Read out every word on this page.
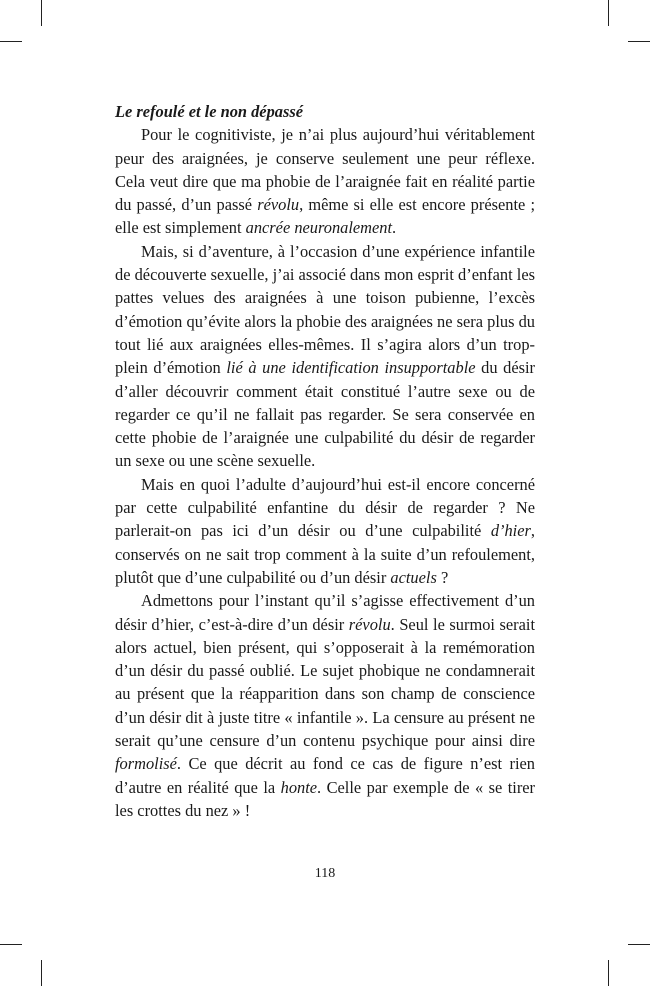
Le refoulé et le non dépassé

Pour le cognitiviste, je n’ai plus aujourd’hui véritablement peur des araignées, je conserve seulement une peur réflexe. Cela veut dire que ma phobie de l’araignée fait en réalité partie du passé, d’un passé révolu, même si elle est encore présente ; elle est simplement ancrée neuronalement.

Mais, si d’aventure, à l’occasion d’une expérience infantile de découverte sexuelle, j’ai associé dans mon esprit d’enfant les pattes velues des araignées à une toison pubienne, l’excès d’émotion qu’évite alors la phobie des araignées ne sera plus du tout lié aux araignées elles-mêmes. Il s’agira alors d’un trop-plein d’émotion lié à une identification insupportable du désir d’aller découvrir comment était constitué l’autre sexe ou de regarder ce qu’il ne fallait pas regarder. Se sera conservée en cette phobie de l’araignée une culpabilité du désir de regarder un sexe ou une scène sexuelle.

Mais en quoi l’adulte d’aujourd’hui est-il encore concerné par cette culpabilité enfantine du désir de regarder ? Ne parlerait-on pas ici d’un désir ou d’une culpabilité d’hier, conservés on ne sait trop comment à la suite d’un refoulement, plutôt que d’une culpabilité ou d’un désir actuels ?

Admettons pour l’instant qu’il s’agisse effectivement d’un désir d’hier, c’est-à-dire d’un désir révolu. Seul le surmoi serait alors actuel, bien présent, qui s’opposerait à la remémoration d’un désir du passé oublié. Le sujet phobique ne condamnerait au présent que la réapparition dans son champ de conscience d’un désir dit à juste titre « infantile ». La censure au présent ne serait qu’une censure d’un contenu psychique pour ainsi dire formolisé. Ce que décrit au fond ce cas de figure n’est rien d’autre en réalité que la honte. Celle par exemple de « se tirer les crottes du nez » !

118
